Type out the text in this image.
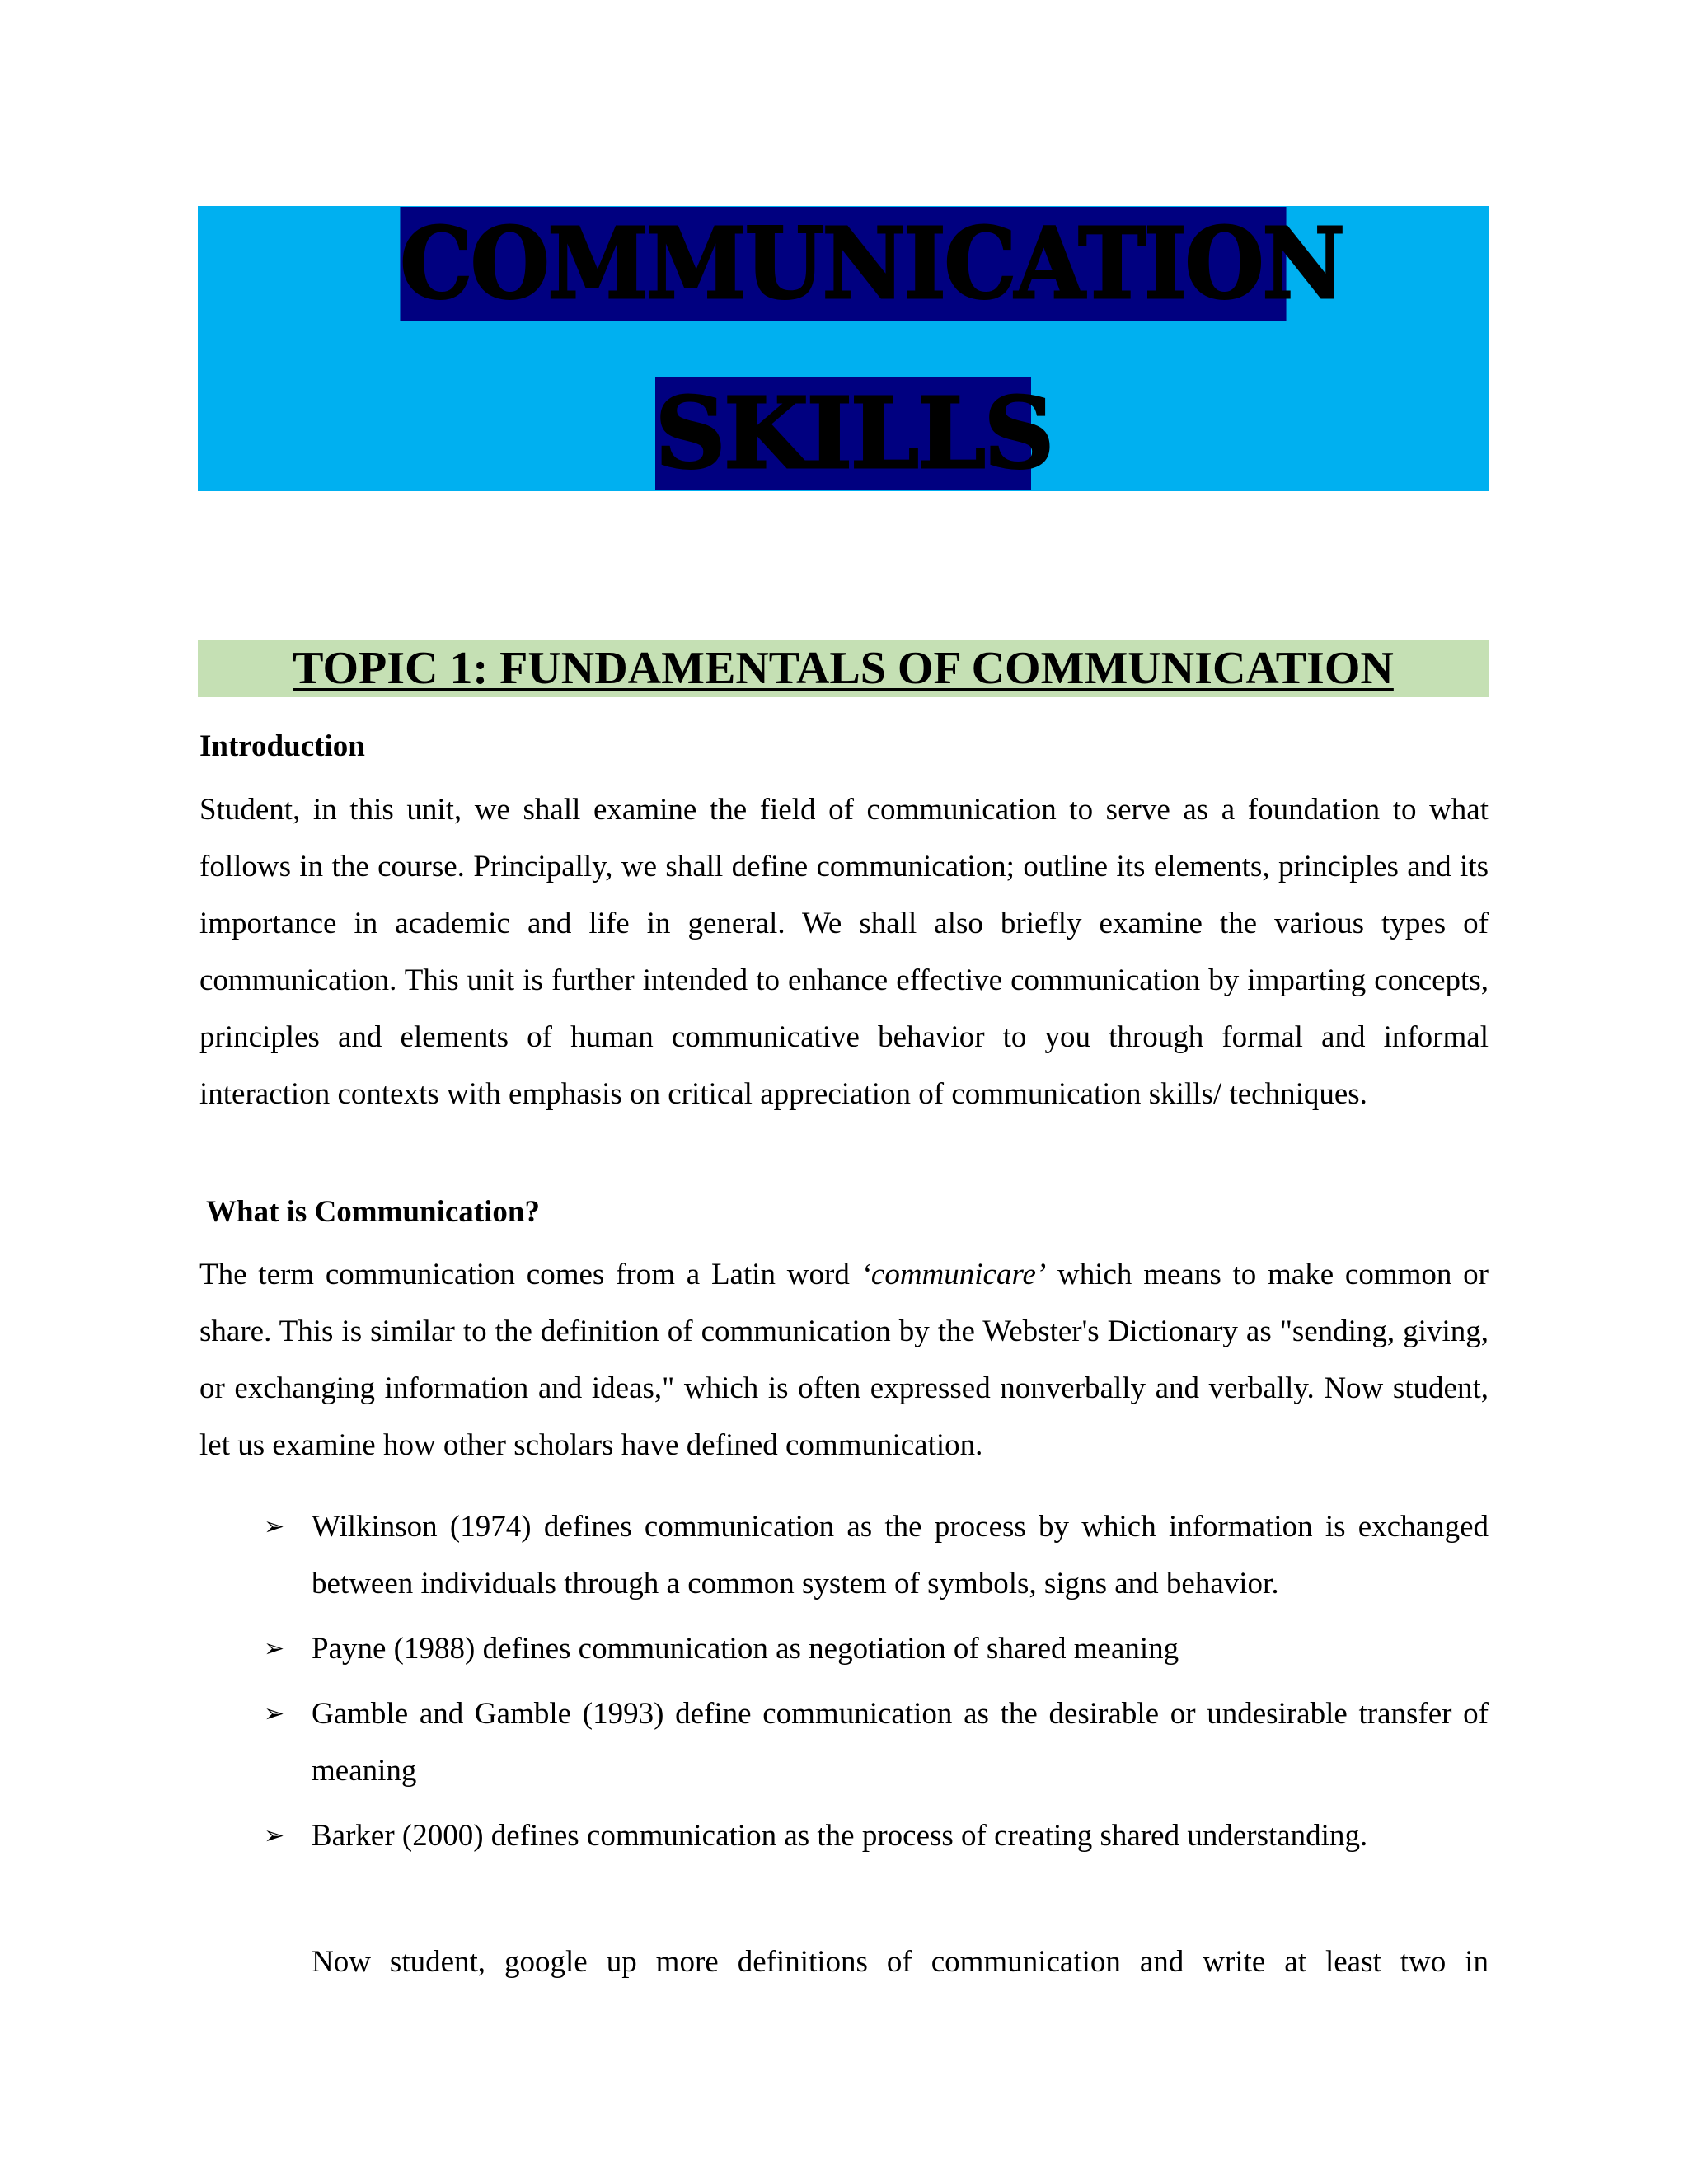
COMMUNICATION
SKILLS
TOPIC 1: FUNDAMENTALS OF COMMUNICATION
Introduction
Student, in this unit, we shall examine the field of communication to serve as a foundation to what follows in the course. Principally, we shall define communication; outline its elements, principles and its importance in academic and life in general. We shall also briefly examine the various types of communication. This unit is further intended to enhance effective communication by imparting concepts, principles and elements of human communicative behavior to you through formal and informal interaction contexts with emphasis on critical appreciation of communication skills/ techniques.
What is Communication?
The term communication comes from a Latin word ‘communicare’ which means to make common or share. This is similar to the definition of communication by the Webster's Dictionary as "sending, giving, or exchanging information and ideas," which is often expressed nonverbally and verbally. Now student, let us examine how other scholars have defined communication.
➢ Wilkinson (1974) defines communication as the process by which information is exchanged between individuals through a common system of symbols, signs and behavior.
➢ Payne (1988) defines communication as negotiation of shared meaning
➢ Gamble and Gamble (1993) define communication as the desirable or undesirable transfer of meaning
➢ Barker (2000) defines communication as the process of creating shared understanding.
Now student, google up more definitions of communication and write at least two in
